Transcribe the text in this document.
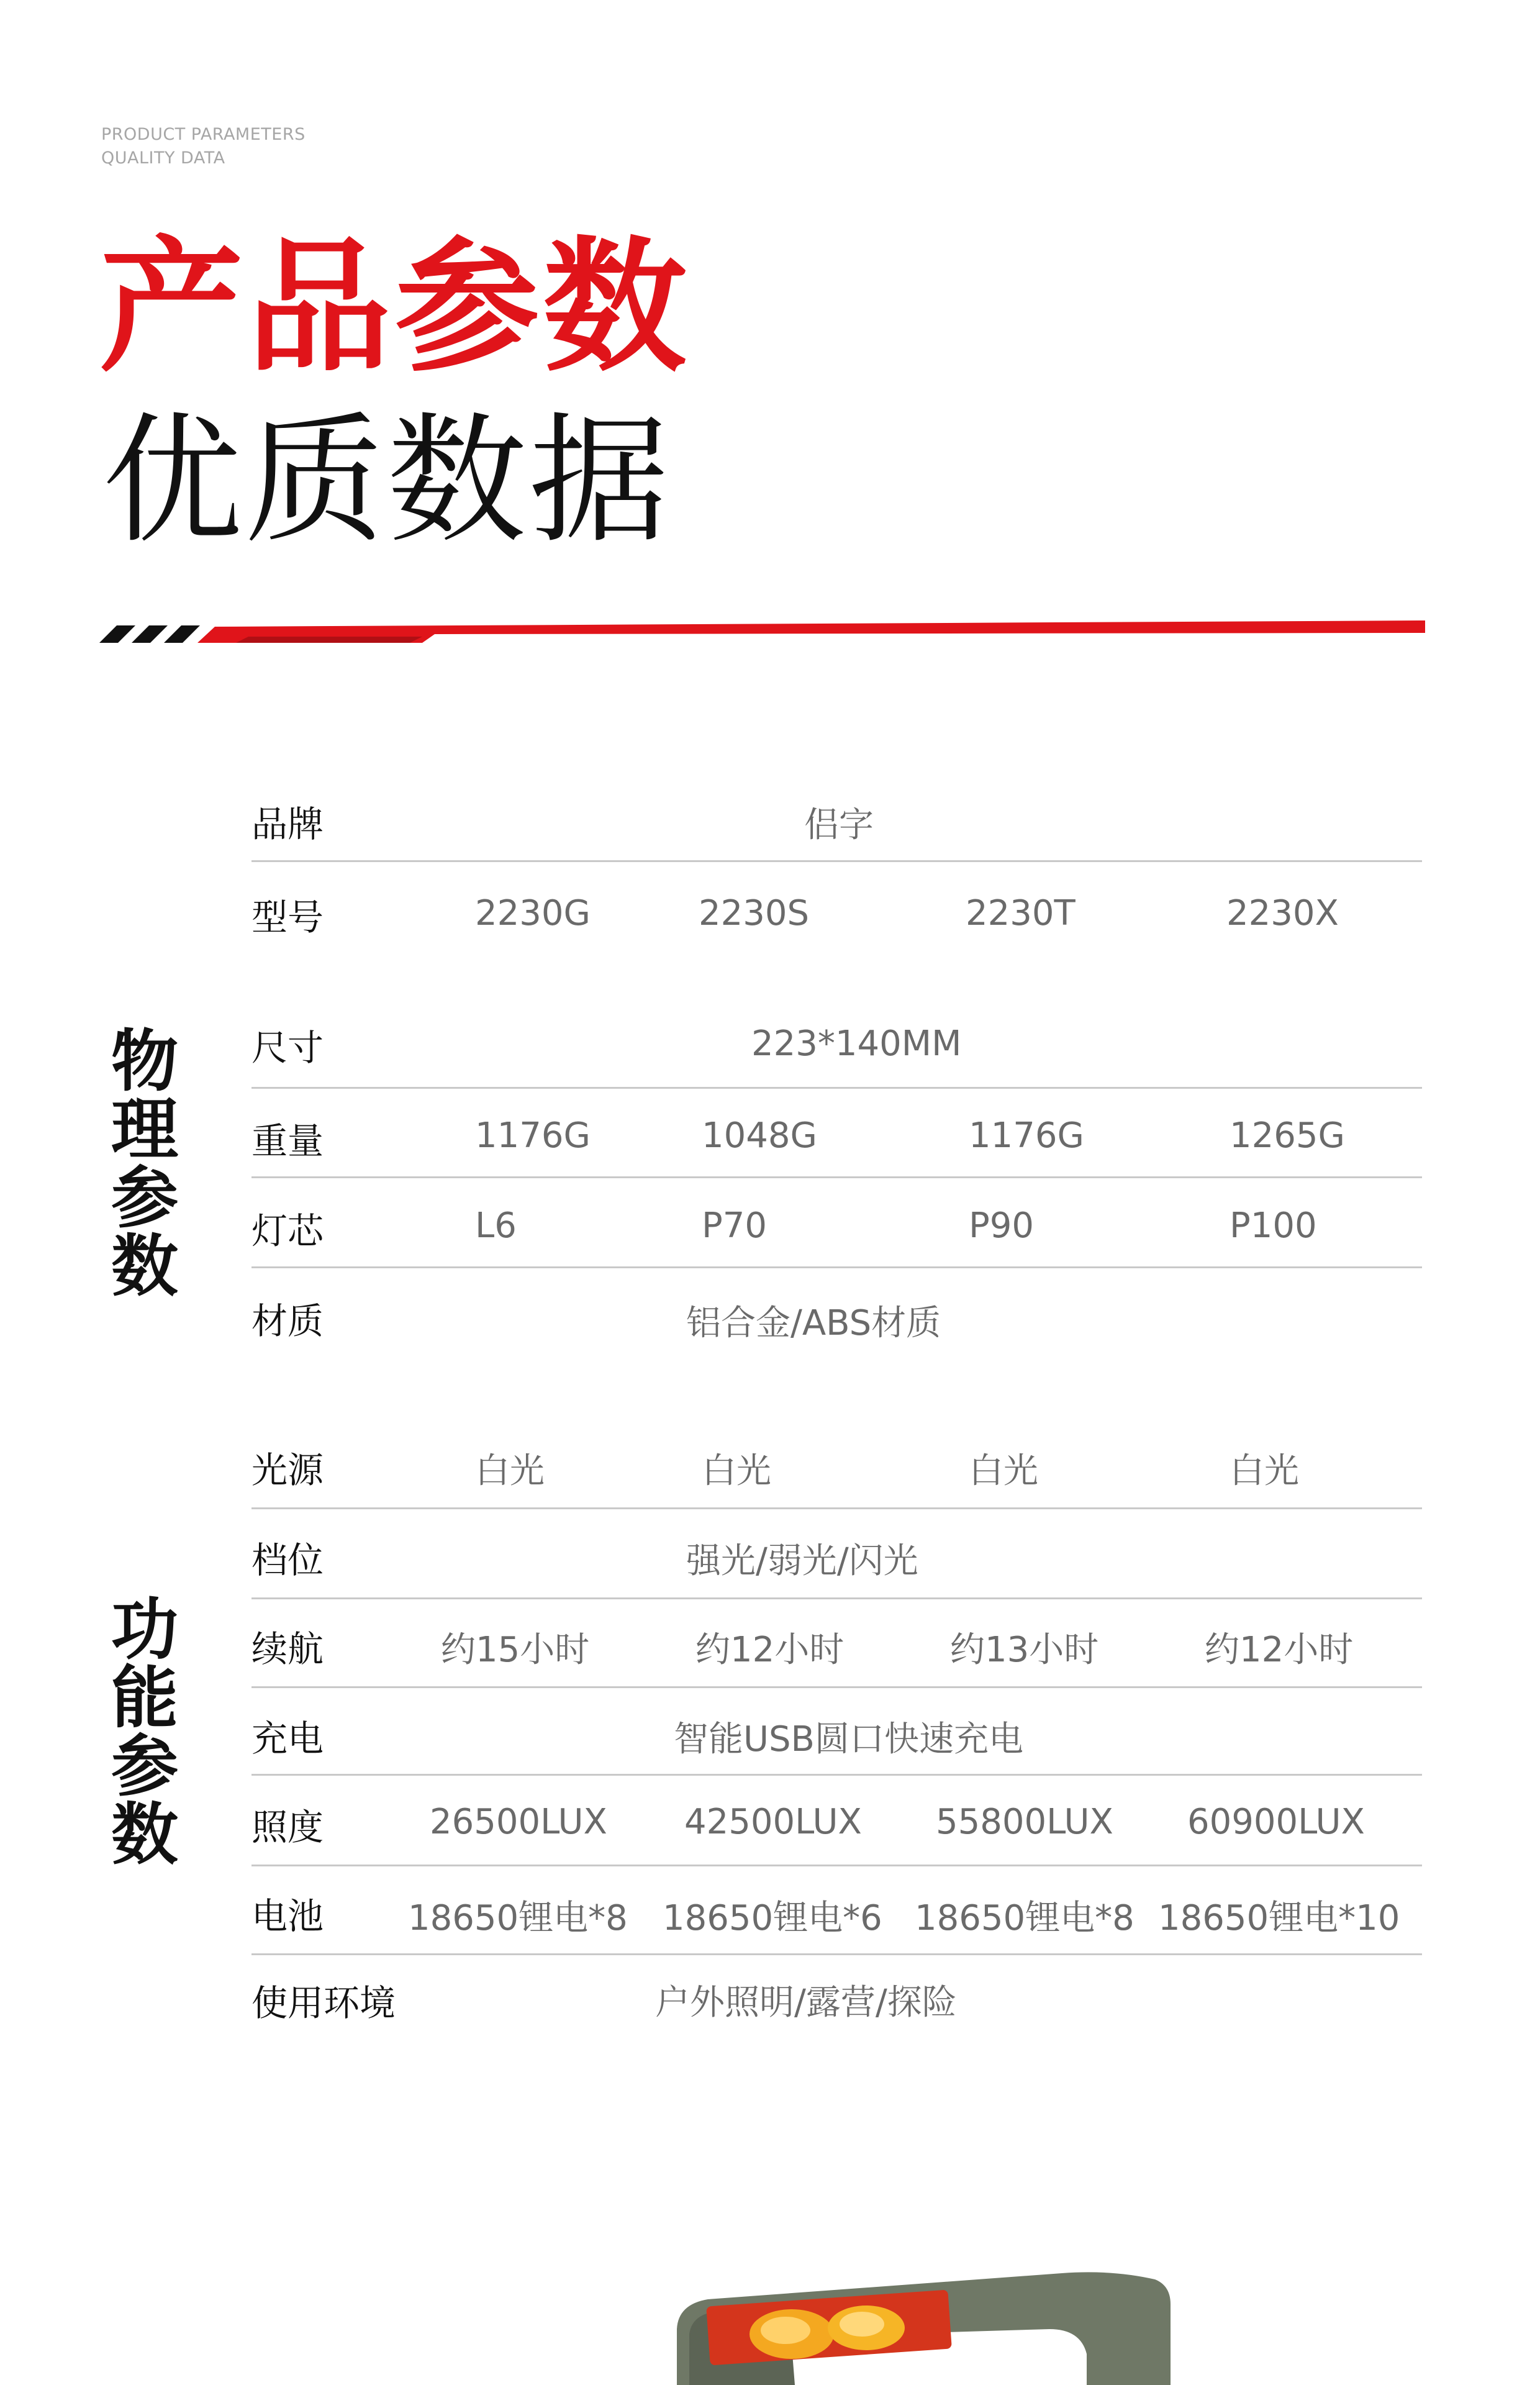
PRODUCT PARAMETERS
QUALITY DATA
产品参数
优质数据
物理参数
功能参数
品牌	侣字
型号	2230G	2230S	2230T	2230X
尺寸	223*140MM
重量	1176G	1048G	1176G	1265G
灯芯	L6	P70	P90	P100
材质	铝合金/ABS材质
光源	白光	白光	白光	白光
档位	强光/弱光/闪光
续航	约15小时	约12小时	约13小时	约12小时
充电	智能USB圆口快速充电
照度	26500LUX 42500LUX 55800LUX 60900LUX
电池 18650锂电*8 18650锂电*6 18650锂电*8 18650锂电*10
使用环境	户外照明/露营/探险
